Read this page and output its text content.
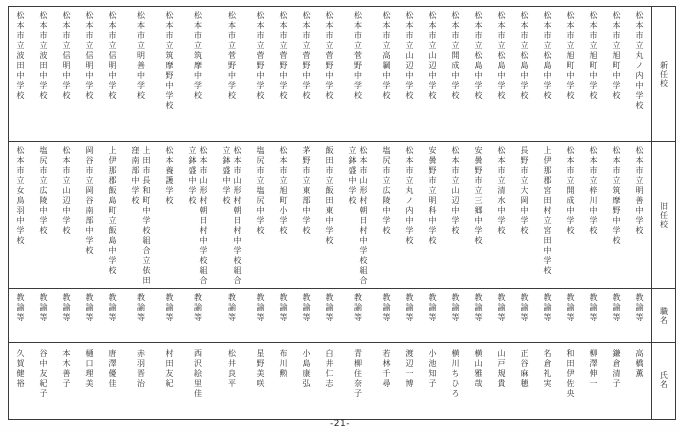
松本市立波田中学校
松本市立女鳥羽中学校
教諭等
久賀健裕
松本市立波田中学校
塩尻市立広陵中学校
教諭等
谷中友紀子
松本市立信明中学校
松本市立山辺中学校
教諭等
本木善子
松本市立信明中学校
岡谷市立岡谷南部中学校
教諭等
樋口理美
松本市立信明中学校
上伊那郡飯島町立飯島中学校
教諭等
唐澤優佳
松本市立明善中学校
上田市長和町中学校組合立依田窪南部中学校
教諭等
赤羽晋治
松本市立筑摩野中学校
松本養護学校
教諭等
村田友紀
松本市立筑摩中学校
松本市山形村朝日村中学校組合立鉢盛中学校
教諭等
西沢絵里佳
松本市立菅野中学校
松本市山形村朝日村中学校組合立鉢盛中学校
教諭等
松井良平
松本市立菅野中学校
塩尻市立塩尻中学校
教諭等
星野美咲
松本市立菅野中学校
松本市立旭町小学校
教諭等
布川勲
松本市立菅野中学校
茅野市立東部中学校
教諭等
小島康弘
松本市立菅野中学校
飯田市立飯田東中学校
教諭等
白井仁志
松本市立菅野中学校
松本市山形村朝日村中学校組合立鉢盛中学校
教諭等
青柳住奈子
松本市立高綱中学校
塩尻市立広陵中学校
教諭等
若林千尋
松本市立山辺中学校
松本市立丸ノ内中学校
教諭等
渡辺一博
松本市立山辺中学校
安曇野市立明科中学校
教諭等
小池知子
松本市立開成中学校
松本市立山辺中学校
教諭等
横川ちひろ
松本市立松島中学校
安曇野市立三郷中学校
教諭等
横山雅哉
松本市立松島中学校
松本市立清水中学校
教諭等
山戸規貴
松本市立松島中学校
長野市立大岡中学校
教諭等
正谷麻穂
松本市立松島中学校
上伊那郡宮田村立宮田中学校
教諭等
名倉礼実
松本市立旭町中学校
松本市立開成中学校
教諭等
和田伊佐央
松本市立旭町中学校
松本市立梓川中学校
教諭等
柳澤伸一
松本市立旭町中学校
松本市立筑摩野中学校
教諭等
鎌倉清子
松本市立丸ノ内中学校
松本市立明善中学校
教諭等
高橋薫
新任校
旧任校
職名
氏名
-21-
